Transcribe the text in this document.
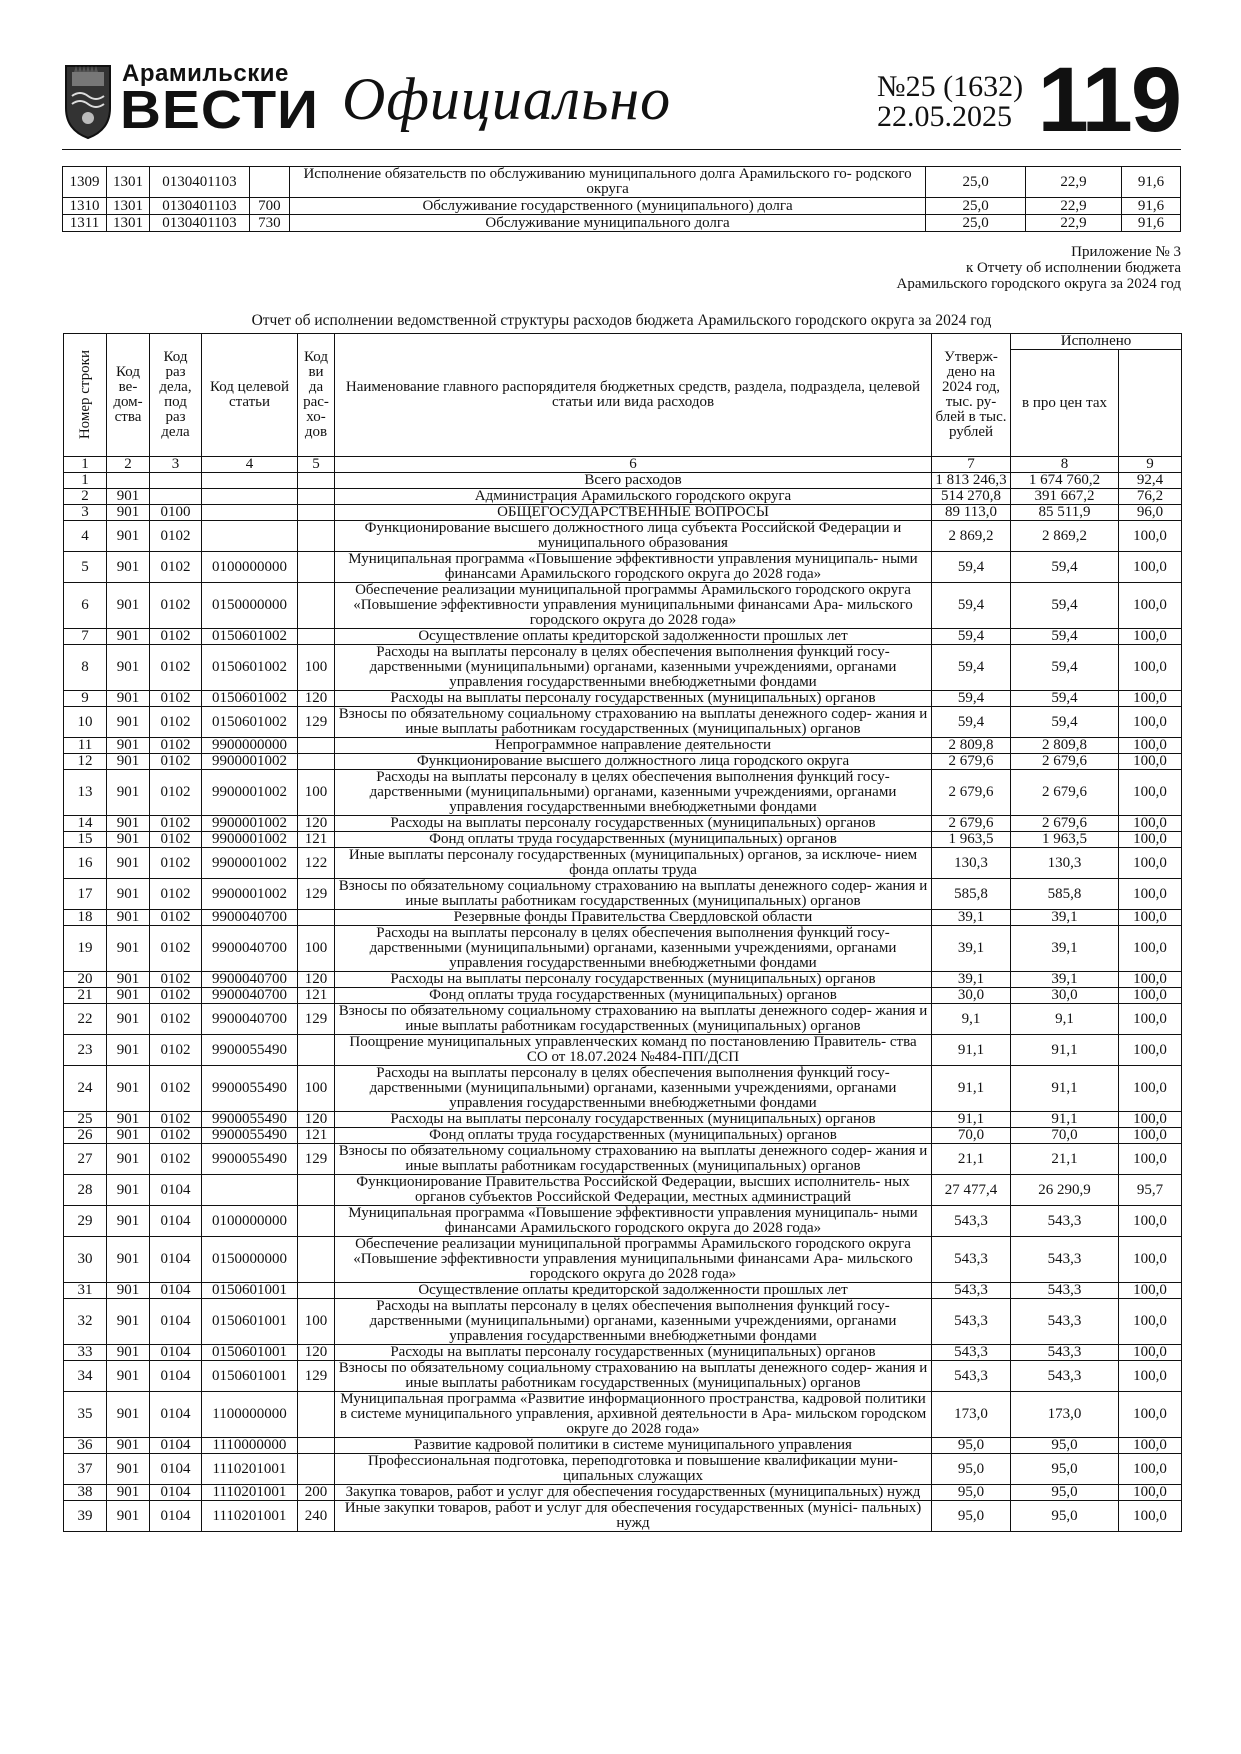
Арамильские
ВЕСТИ Официально	№25 (1632)
22.05.2025 119
1309	1301	0130401103		Исполнение обязательств по обслуживанию муниципального долга Арамильского го- родского округа	25,0	22,9	91,6
1310	1301	0130401103	700	Обслуживание государственного (муниципального) долга	25,0	22,9	91,6
1311	1301	0130401103	730	Обслуживание муниципального долга	25,0	22,9	91,6
Приложение № 3
к Отчету об исполнении бюджета
Арамильского городского округа за 2024 год
Отчет об исполнении ведомственной структуры расходов бюджета Арамильского городского округа за 2024 год
Номер строки	Код ве- дом- ства	Код раз дела, под раз дела	Код целевой статьи	Код ви да рас- хо- дов	Наименование главного распорядителя бюджетных средств, раздела, подраздела, целевой статьи или вида расходов	Утверж- дено на 2024 год, тыс. ру- блей в тыс. рублей	Исполнено	
							в про цен тах	
1	2	3	4	5	6	7	8	9
1					Всего расходов	1 813 246,3	1 674 760,2	92,4
2	901				Администрация Арамильского городского округа	514 270,8	391 667,2	76,2
3	901	0100			ОБЩЕГОСУДАРСТВЕННЫЕ ВОПРОСЫ	89 113,0	85 511,9	96,0
4	901	0102			Функционирование высшего должностного лица субъекта Российской Федерации и муниципального образования	2 869,2	2 869,2	100,0
5	901	0102	0100000000		Муниципальная программа «Повышение эффективности управления муниципаль- ными финансами Арамильского городского округа до 2028 года»	59,4	59,4	100,0
6	901	0102	0150000000		Обеспечение реализации муниципальной программы Арамильского городского округа «Повышение эффективности управления муниципальными финансами Ара- мильского городского округа до 2028 года»	59,4	59,4	100,0
7	901	0102	0150601002		Осуществление оплаты кредиторской задолженности прошлых лет	59,4	59,4	100,0
8	901	0102	0150601002	100	Расходы на выплаты персоналу в целях обеспечения выполнения функций госу- дарственными (муниципальными) органами, казенными учреждениями, органами управления государственными внебюджетными фондами	59,4	59,4	100,0
9	901	0102	0150601002	120	Расходы на выплаты персоналу государственных (муниципальных) органов	59,4	59,4	100,0
10	901	0102	0150601002	129	Взносы по обязательному социальному страхованию на выплаты денежного содер- жания и иные выплаты работникам государственных (муниципальных) органов	59,4	59,4	100,0
11	901	0102	9900000000		Непрограммное направление деятельности	2 809,8	2 809,8	100,0
12	901	0102	9900001002		Функционирование высшего должностного лица городского округа	2 679,6	2 679,6	100,0
13	901	0102	9900001002	100	Расходы на выплаты персоналу в целях обеспечения выполнения функций госу- дарственными (муниципальными) органами, казенными учреждениями, органами управления государственными внебюджетными фондами	2 679,6	2 679,6	100,0
14	901	0102	9900001002	120	Расходы на выплаты персоналу государственных (муниципальных) органов	2 679,6	2 679,6	100,0
15	901	0102	9900001002	121	Фонд оплаты труда государственных (муниципальных) органов	1 963,5	1 963,5	100,0
16	901	0102	9900001002	122	Иные выплаты персоналу государственных (муниципальных) органов, за исключе- нием фонда оплаты труда	130,3	130,3	100,0
17	901	0102	9900001002	129	Взносы по обязательному социальному страхованию на выплаты денежного содер- жания и иные выплаты работникам государственных (муниципальных) органов	585,8	585,8	100,0
18	901	0102	9900040700		Резервные фонды Правительства Свердловской области	39,1	39,1	100,0
19	901	0102	9900040700	100	Расходы на выплаты персоналу в целях обеспечения выполнения функций госу- дарственными (муниципальными) органами, казенными учреждениями, органами управления государственными внебюджетными фондами	39,1	39,1	100,0
20	901	0102	9900040700	120	Расходы на выплаты персоналу государственных (муниципальных) органов	39,1	39,1	100,0
21	901	0102	9900040700	121	Фонд оплаты труда государственных (муниципальных) органов	30,0	30,0	100,0
22	901	0102	9900040700	129	Взносы по обязательному социальному страхованию на выплаты денежного содер- жания и иные выплаты работникам государственных (муниципальных) органов	9,1	9,1	100,0
23	901	0102	9900055490		Поощрение муниципальных управленческих команд по постановлению Правитель- ства СО от 18.07.2024 №484-ПП/ДСП	91,1	91,1	100,0
24	901	0102	9900055490	100	Расходы на выплаты персоналу в целях обеспечения выполнения функций госу- дарственными (муниципальными) органами, казенными учреждениями, органами управления государственными внебюджетными фондами	91,1	91,1	100,0
25	901	0102	9900055490	120	Расходы на выплаты персоналу государственных (муниципальных) органов	91,1	91,1	100,0
26	901	0102	9900055490	121	Фонд оплаты труда государственных (муниципальных) органов	70,0	70,0	100,0
27	901	0102	9900055490	129	Взносы по обязательному социальному страхованию на выплаты денежного содер- жания и иные выплаты работникам государственных (муниципальных) органов	21,1	21,1	100,0
28	901	0104			Функционирование Правительства Российской Федерации, высших исполнитель- ных органов субъектов Российской Федерации, местных администраций	27 477,4	26 290,9	95,7
29	901	0104	0100000000		Муниципальная программа «Повышение эффективности управления муниципаль- ными финансами Арамильского городского округа до 2028 года»	543,3	543,3	100,0
30	901	0104	0150000000		Обеспечение реализации муниципальной программы Арамильского городского округа «Повышение эффективности управления муниципальными финансами Ара- мильского городского округа до 2028 года»	543,3	543,3	100,0
31	901	0104	0150601001		Осуществление оплаты кредиторской задолженности прошлых лет	543,3	543,3	100,0
32	901	0104	0150601001	100	Расходы на выплаты персоналу в целях обеспечения выполнения функций госу- дарственными (муниципальными) органами, казенными учреждениями, органами управления государственными внебюджетными фондами	543,3	543,3	100,0
33	901	0104	0150601001	120	Расходы на выплаты персоналу государственных (муниципальных) органов	543,3	543,3	100,0
34	901	0104	0150601001	129	Взносы по обязательному социальному страхованию на выплаты денежного содер- жания и иные выплаты работникам государственных (муниципальных) органов	543,3	543,3	100,0
35	901	0104	1100000000		Муниципальная программа «Развитие информационного пространства, кадровой политики в системе муниципального управления, архивной деятельности в Ара- мильском городском округе до 2028 года»	173,0	173,0	100,0
36	901	0104	1110000000		Развитие кадровой политики в системе муниципального управления	95,0	95,0	100,0
37	901	0104	1110201001		Профессиональная подготовка, переподготовка и повышение квалификации муни- ципальных служащих	95,0	95,0	100,0
38	901	0104	1110201001	200	Закупка товаров, работ и услуг для обеспечения государственных (муниципальных) нужд	95,0	95,0	100,0
39	901	0104	1110201001	240	Иные закупки товаров, работ и услуг для обеспечения государственных (мунici- пальных) нужд	95,0	95,0	100,0
